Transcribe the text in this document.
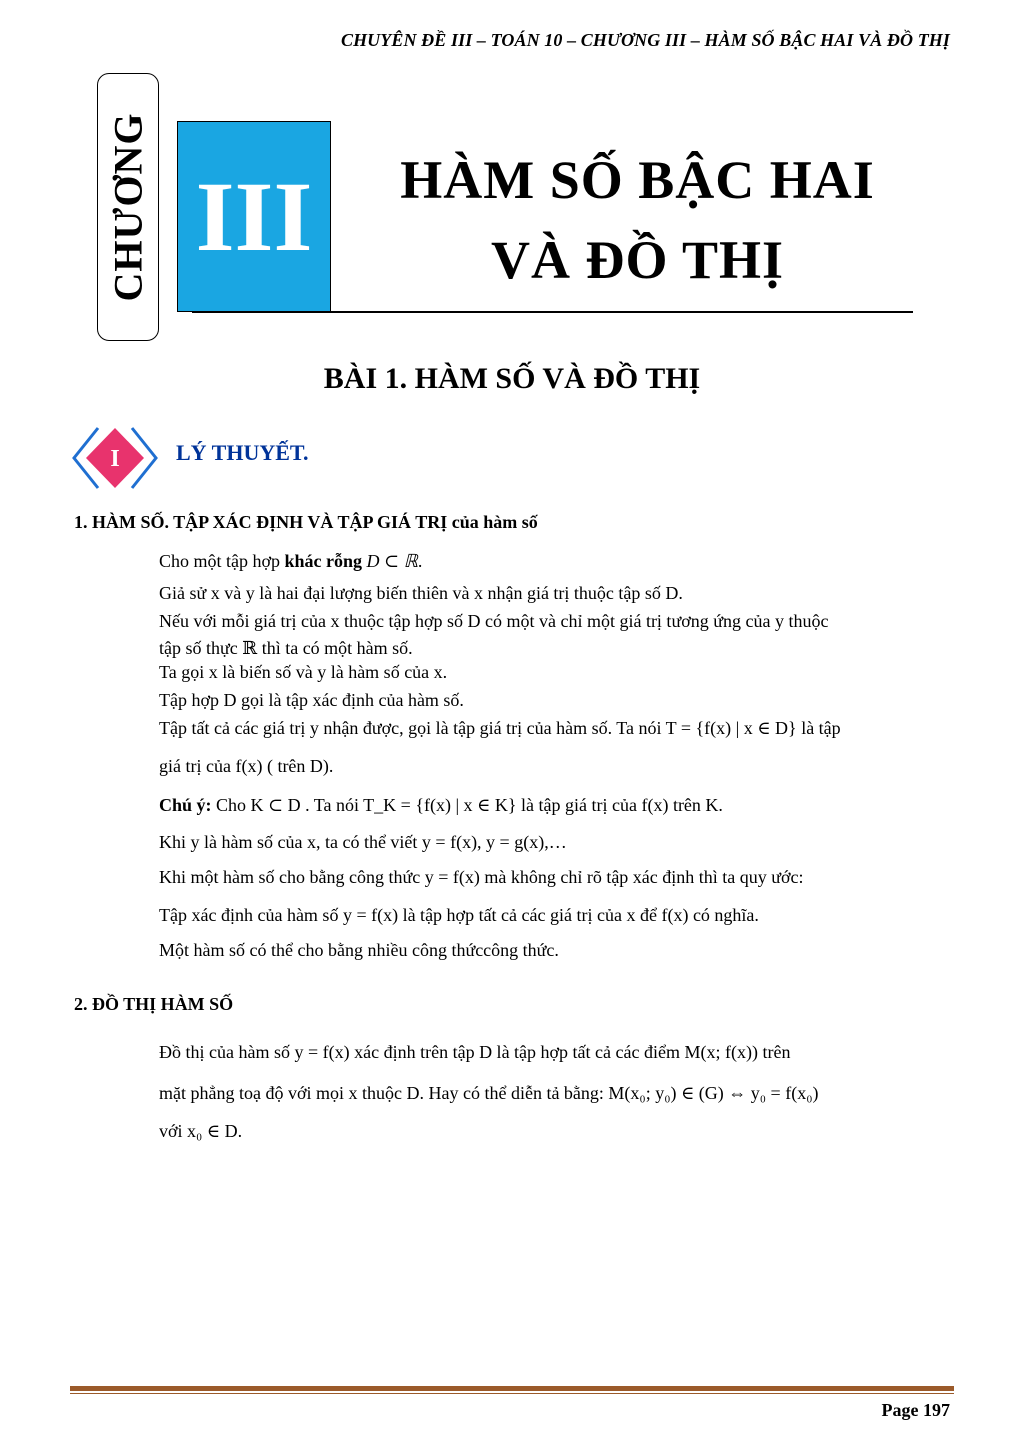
CHUYÊN ĐỀ III – TOÁN 10 – CHƯƠNG III – HÀM SỐ BẬC HAI VÀ ĐỒ THỊ
CHƯƠNG III	HÀM SỐ BẬC HAI
VÀ ĐỒ THỊ
BÀI 1. HÀM SỐ VÀ ĐỒ THỊ
I	LÝ THUYẾT.
1. HÀM SỐ. TẬP XÁC ĐỊNH VÀ TẬP GIÁ TRỊ của hàm số
Cho một tập hợp khác rỗng D ⊂ ℝ.
Giả sử x và y là hai đại lượng biến thiên và x nhận giá trị thuộc tập số D.
Nếu với mỗi giá trị của x thuộc tập hợp số D có một và chỉ một giá trị tương ứng của y thuộc
tập số thực ℝ thì ta có một hàm số.
Ta gọi x là biến số và y là hàm số của x.
Tập hợp D gọi là tập xác định của hàm số.
Tập tất cả các giá trị y nhận được, gọi là tập giá trị của hàm số. Ta nói T = {f(x) | x ∈ D} là tập
giá trị của f(x) ( trên D).
Chú ý: Cho K ⊂ D . Ta nói T_K = {f(x) | x ∈ K} là tập giá trị của f(x) trên K.
Khi y là hàm số của x, ta có thể viết y = f(x), y = g(x),…
Khi một hàm số cho bằng công thức y = f(x) mà không chỉ rõ tập xác định thì ta quy ước:
Tập xác định của hàm số y = f(x) là tập hợp tất cả các giá trị của x để f(x) có nghĩa.
Một hàm số có thể cho bằng nhiều công thứccông thức.
2. ĐỒ THỊ HÀM SỐ
Đồ thị của hàm số y = f(x) xác định trên tập D là tập hợp tất cả các điểm M(x; f(x)) trên
mặt phẳng toạ độ với mọi x thuộc D. Hay có thể diễn tả bằng: M(x₀; y₀) ∈ (G) ⇔ y₀ = f(x₀)
với x₀ ∈ D.
Page 197
